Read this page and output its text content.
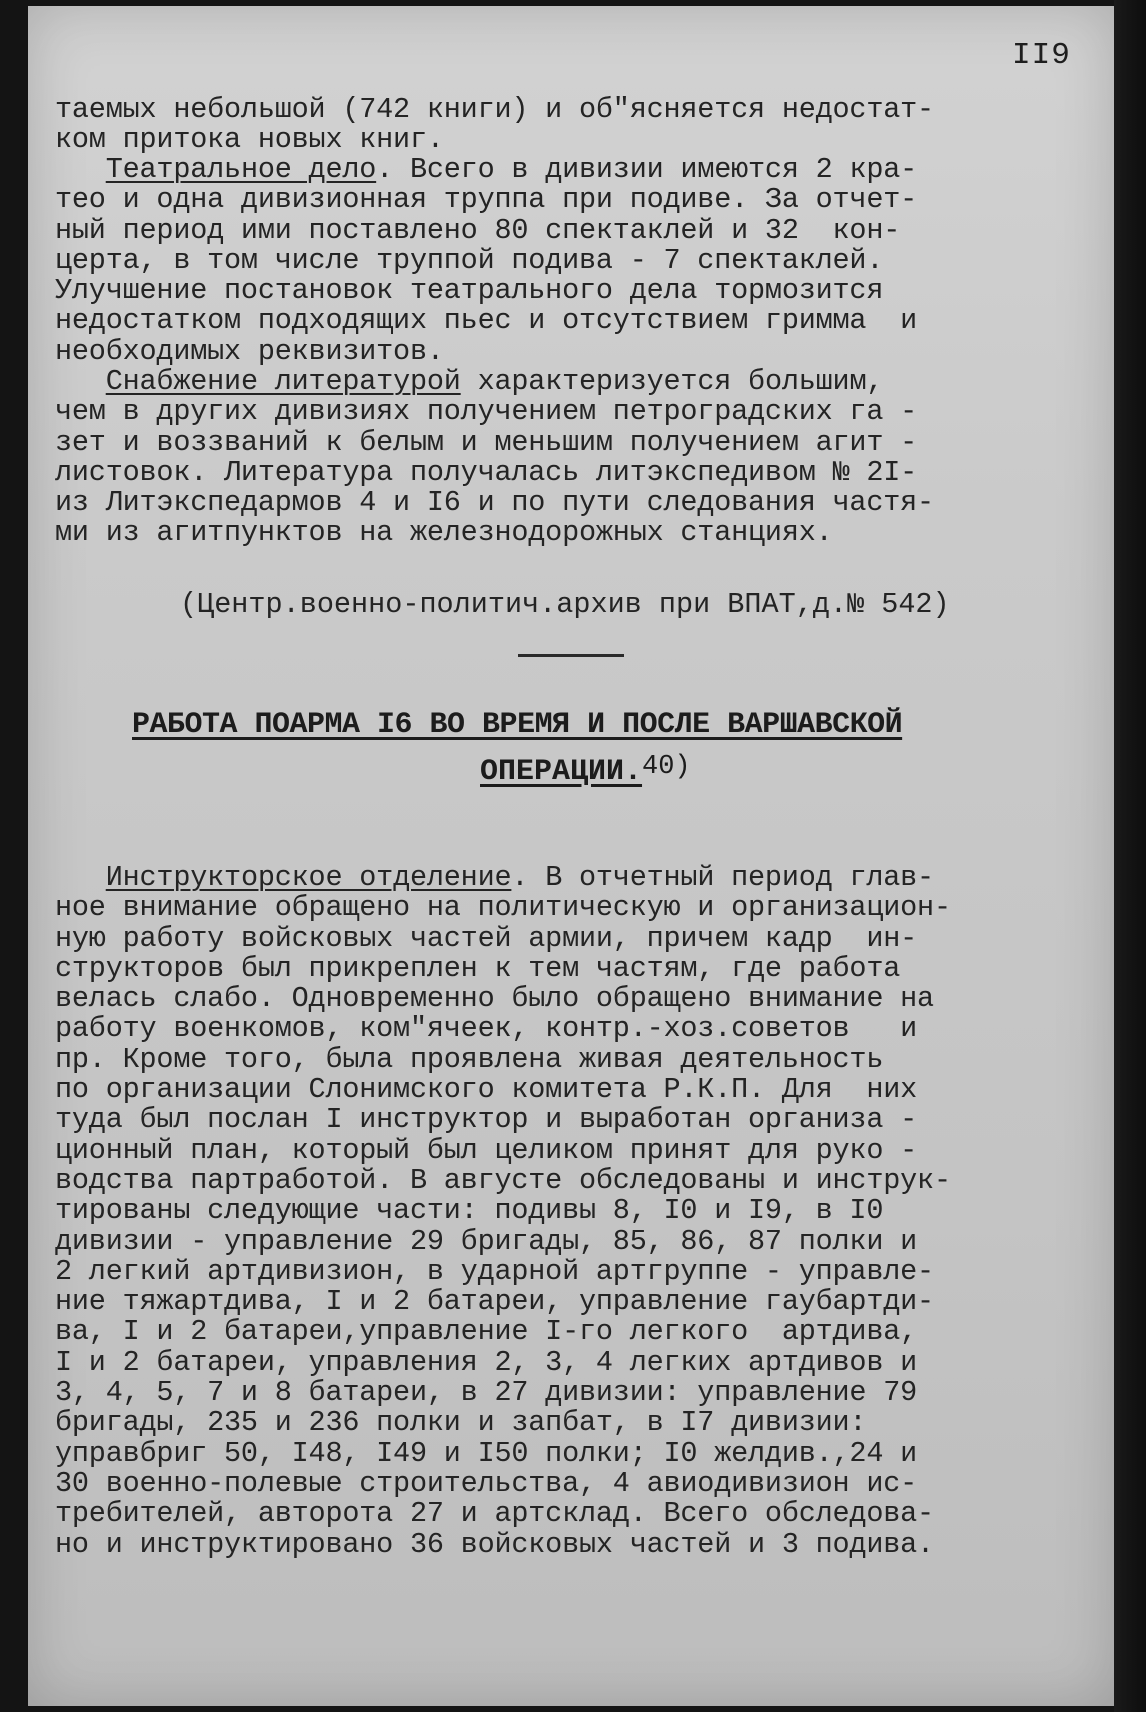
II9
таемых небольшой (742 книги) и об"ясняется недостат-
ком притока новых книг.
Театральное дело. Всего в дивизии имеются 2 кра-
тео и одна дивизионная труппа при подиве. За отчет-
ный период ими поставлено 80 спектаклей и 32  кон-
церта, в том числе труппой подива - 7 спектаклей.
Улучшение постановок театрального дела тормозится
недостатком подходящих пьес и отсутствием гримма  и
необходимых реквизитов.
Снабжение литературой характеризуется большим,
чем в других дивизиях получением петроградских га -
зет и воззваний к белым и меньшим получением агит -
листовок. Литература получалась литэкспедивом № 2I-
из Литэкспедармов 4 и I6 и по пути следования частя-
ми из агитпунктов на железнодорожных станциях.
(Центр.военно-политич.архив при ВПАТ,д.№ 542)
РАБОТА ПОАРМА I6 ВО ВРЕМЯ И ПОСЛЕ ВАРШАВСКОЙ
ОПЕРАЦИИ.40)
Инструкторское отделение. В отчетный период глав-
ное внимание обращено на политическую и организацион-
ную работу войсковых частей армии, причем кадр  ин-
структоров был прикреплен к тем частям, где работа
велась слабо. Одновременно было обращено внимание на
работу военкомов, ком"ячеек, контр.-хоз.советов   и
пр. Кроме того, была проявлена живая деятельность
по организации Слонимского комитета Р.К.П. Для  них
туда был послан I инструктор и выработан организа -
ционный план, который был целиком принят для руко -
водства партработой. В августе обследованы и инструк-
тированы следующие части: подивы 8, I0 и I9, в I0
дивизии - управление 29 бригады, 85, 86, 87 полки и
2 легкий артдивизион, в ударной артгруппе - управле-
ние тяжартдива, I и 2 батареи, управление гаубартди-
ва, I и 2 батареи,управление I-го легкого  артдива,
I и 2 батареи, управления 2, 3, 4 легких артдивов и
3, 4, 5, 7 и 8 батареи, в 27 дивизии: управление 79
бригады, 235 и 236 полки и запбат, в I7 дивизии:
управбриг 50, I48, I49 и I50 полки; I0 желдив.,24 и
30 военно-полевые строительства, 4 авиодивизион ис-
требителей, авторота 27 и артсклад. Всего обследова-
но и инструктировано 36 войсковых частей и 3 подива.
